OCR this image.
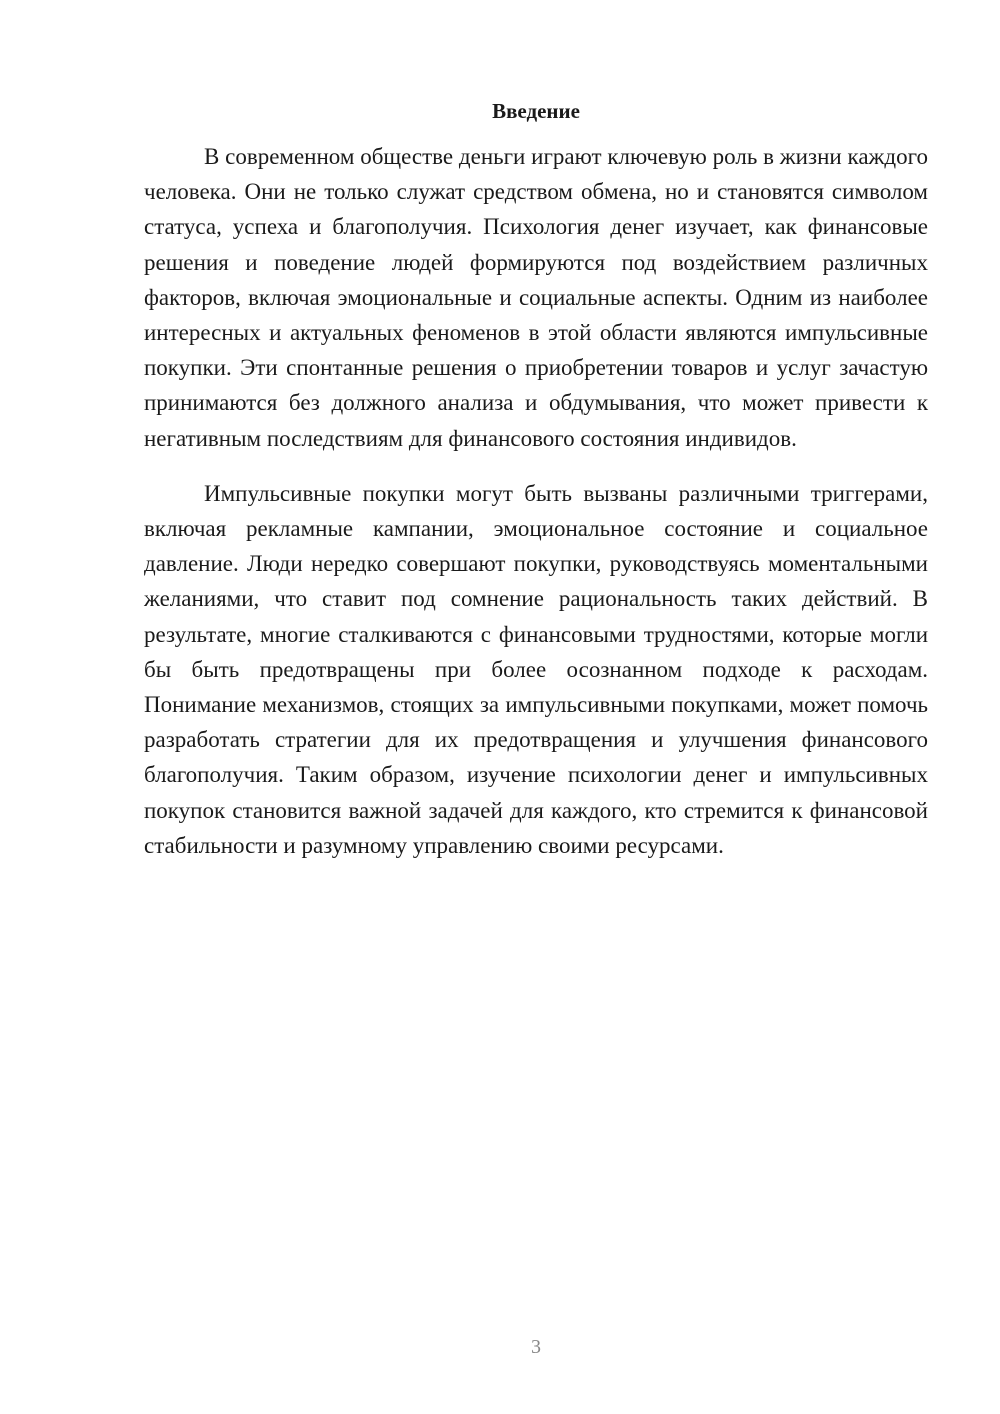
Введение

В современном обществе деньги играют ключевую роль в жизни каждого человека. Они не только служат средством обмена, но и становятся символом статуса, успеха и благополучия. Психология денег изучает, как финансовые решения и поведение людей формируются под воздействием различных факторов, включая эмоциональные и социальные аспекты. Одним из наиболее интересных и актуальных феноменов в этой области являются импульсивные покупки. Эти спонтанные решения о приобретении товаров и услуг зачастую принимаются без должного анализа и обдумывания, что может привести к негативным последствиям для финансового состояния индивидов.

Импульсивные покупки могут быть вызваны различными триггерами, включая рекламные кампании, эмоциональное состояние и социальное давление. Люди нередко совершают покупки, руководствуясь моментальными желаниями, что ставит под сомнение рациональность таких действий. В результате, многие сталкиваются с финансовыми трудностями, которые могли бы быть предотвращены при более осознанном подходе к расходам. Понимание механизмов, стоящих за импульсивными покупками, может помочь разработать стратегии для их предотвращения и улучшения финансового благополучия. Таким образом, изучение психологии денег и импульсивных покупок становится важной задачей для каждого, кто стремится к финансовой стабильности и разумному управлению своими ресурсами.

3
